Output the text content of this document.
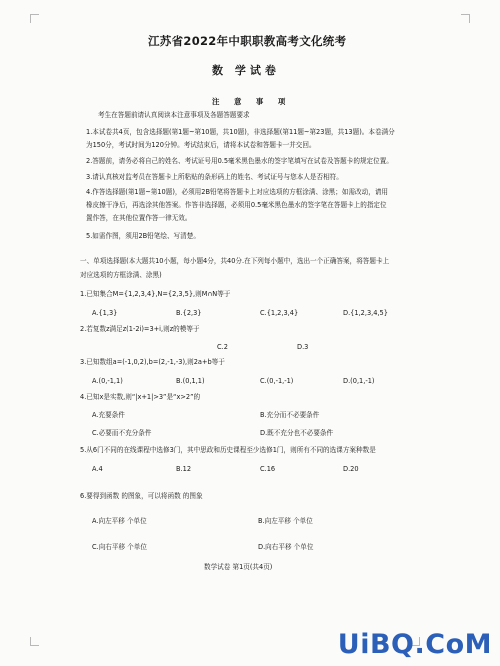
江苏省2022年中职职教高考文化统考
数 学试卷
注 意 事 项
考生在答题前请认真阅读本注意事项及各题答题要求
1.本试卷共4页，包含选择题(第1题~第10题，共10题)，非选择题(第11题~第23题，共13题)。本卷满分
为150分，考试时间为120分钟。考试结束后，请将本试卷和答题卡一并交回。
2.答题前，请务必将自己的姓名、考试证号用0.5毫米黑色墨水的签字笔填写在试卷及答题卡的规定位置。
3.请认真核对监考员在答题卡上所粘贴的条形码上的姓名、考试证号与您本人是否相符。
4.作答选择题(第1题~第10题)，必须用2B铅笔将答题卡上对应选项的方框涂满、涂黑；如需改动，请用
橡皮擦干净后，再选涂其他答案。作答非选择题，必须用0.5毫米黑色墨水的签字笔在答题卡上的指定位
置作答，在其他位置作答一律无效。
5.如需作图，须用2B铅笔绘、写清楚。
一、单项选择题(本大题共10小题，每小题4分，共40分.在下列每小题中，选出一个正确答案，将答题卡上
对应选项的方框涂满、涂黑)
1.已知集合M={1,2,3,4},N={2,3,5},则M∩N等于
A.{1,3}	B.{2,3}	C.{1,2,3,4}	D.{1,2,3,4,5}
2.若复数z满足z(1-2i)=3+i,则z的模等于
C.2	D.3
3.已知数组a=(-1,0,2),b=(2,-1,-3),则2a+b等于
A.(0,-1,1)	B.(0,1,1)	C.(0,-1,-1)	D.(0,1,-1)
4.已知x是实数,则“|x+1|>3”是“x>2”的
A.充要条件	B.充分而不必要条件
C.必要而不充分条件	D.既不充分也不必要条件
5.从6门不同的在线课程中选修3门，其中思政和历史课程至少选修1门，则所有不同的选课方案种数是
A.4	B.12	C.16	D.20
6.要得到函数 的图象，可以将函数 的图象
A.向左平移 个单位	B.向左平移 个单位
C.向右平移 个单位	D.向右平移 个单位
数学试卷 第1页(共4页)
UiBQ.CoM
